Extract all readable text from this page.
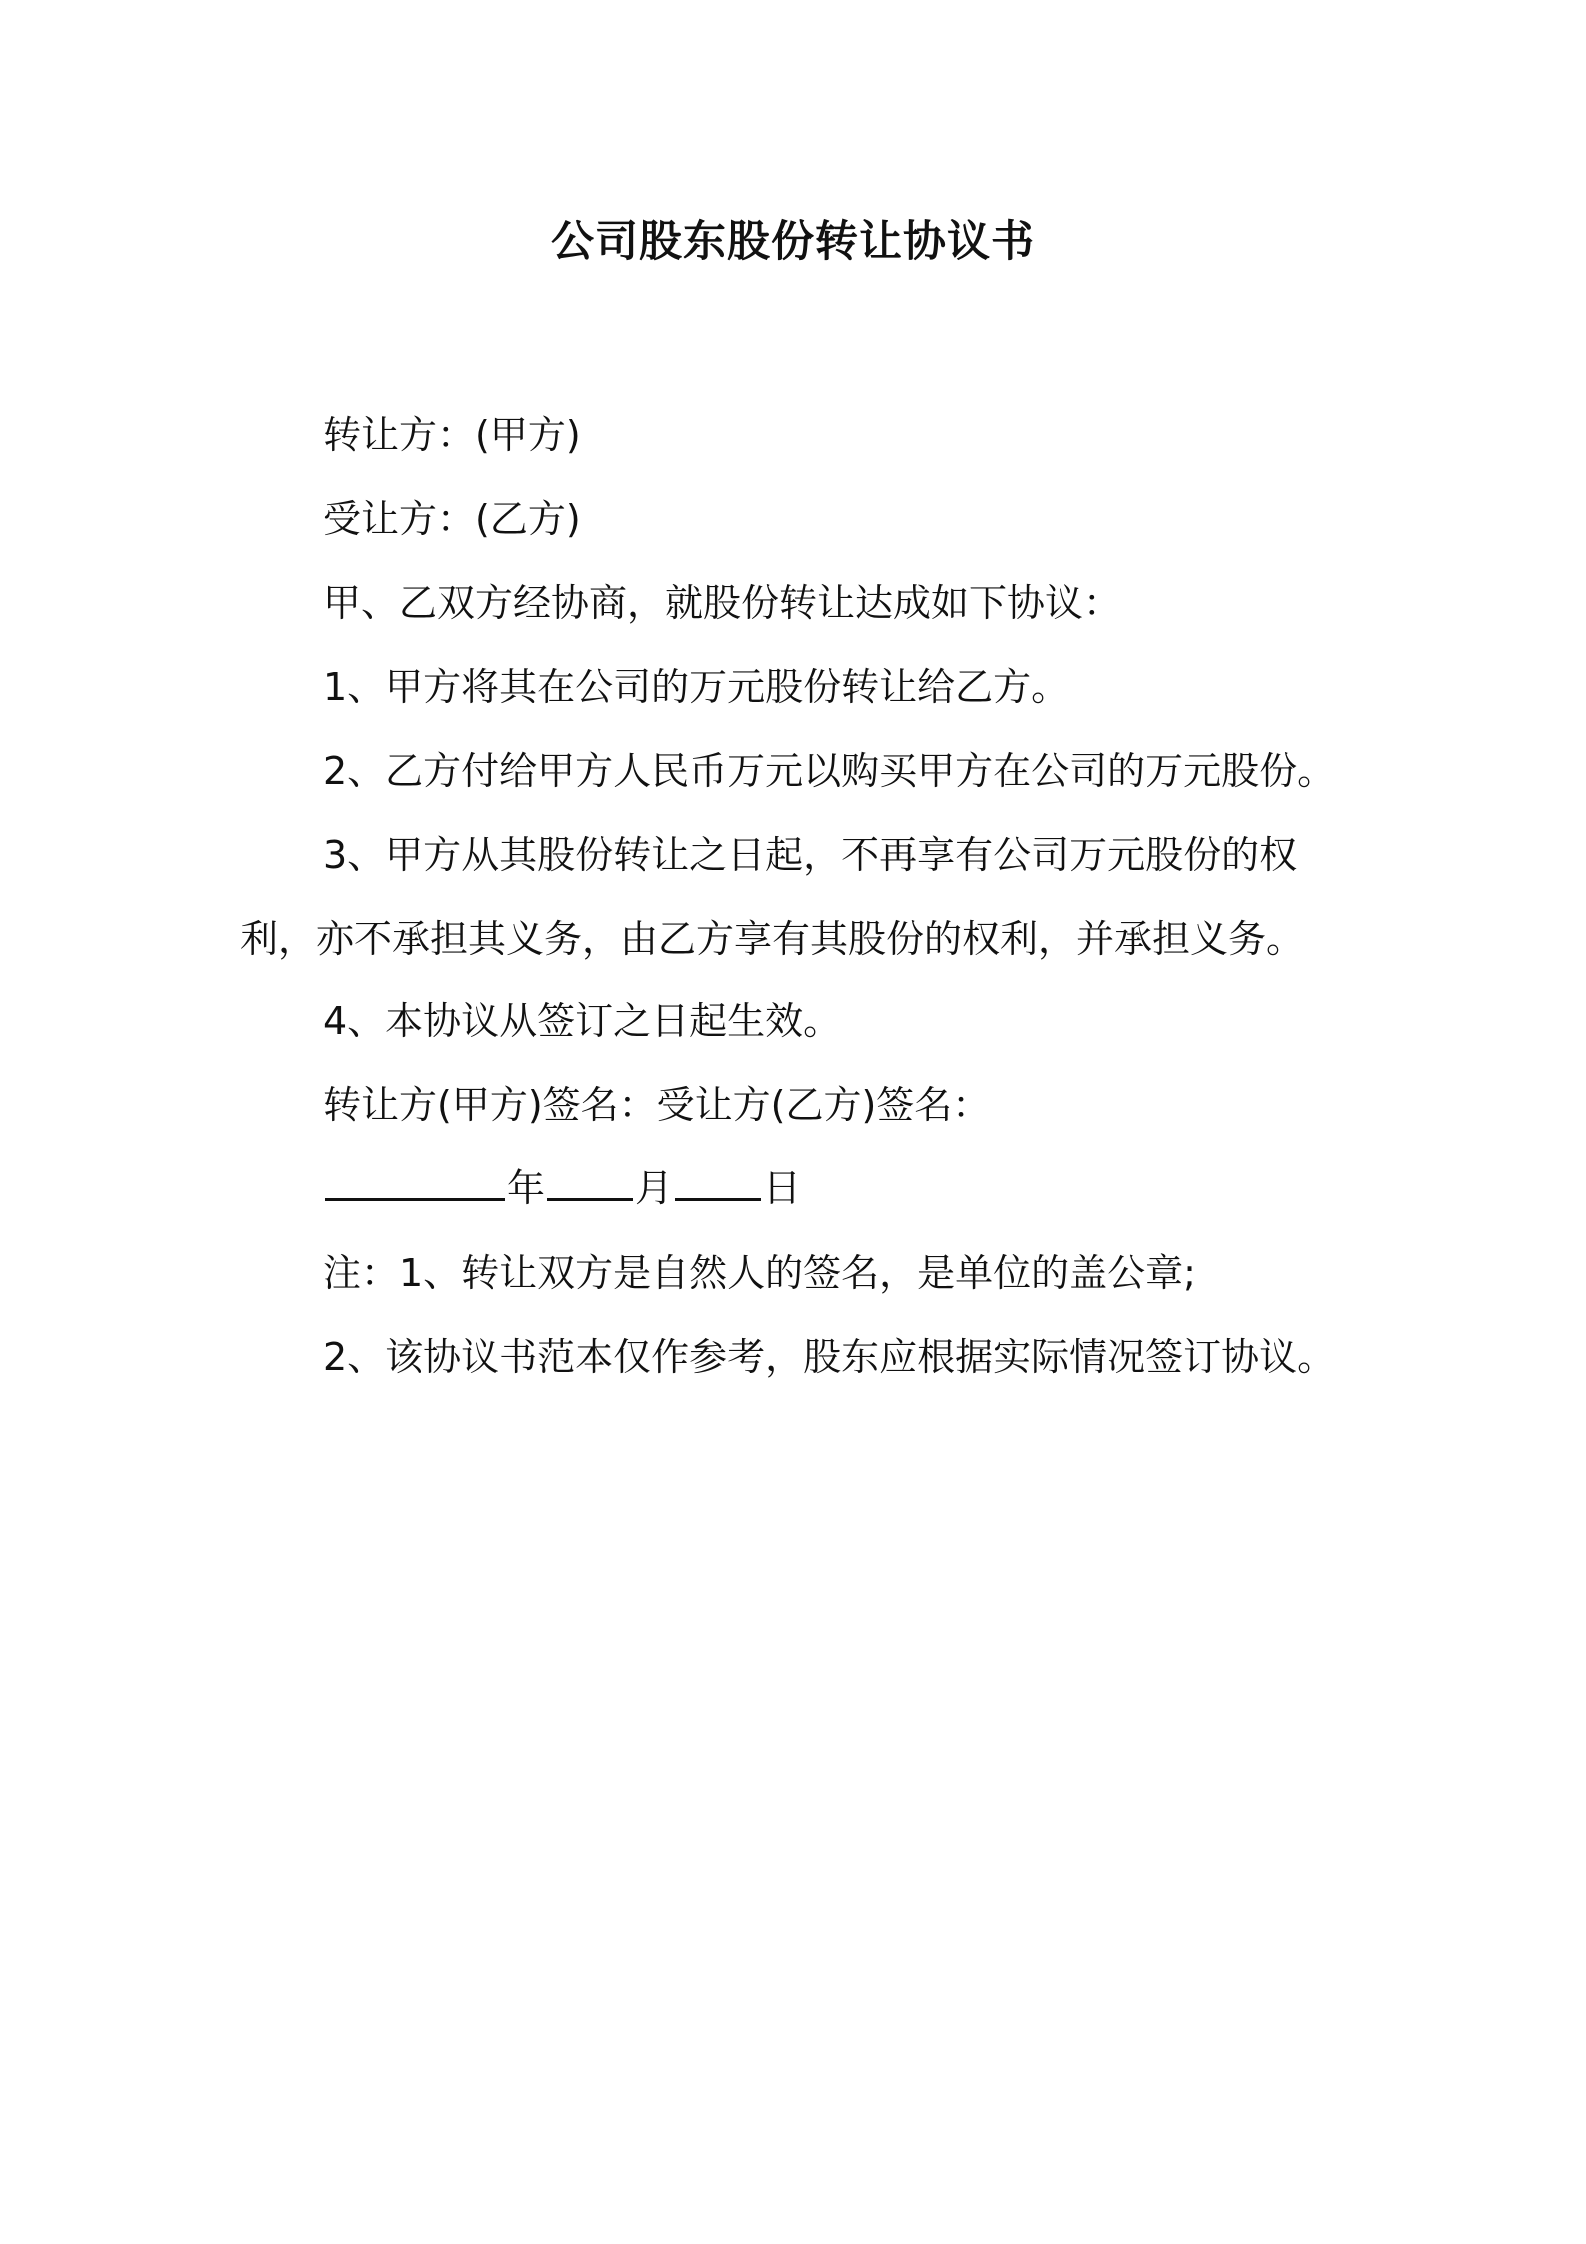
公司股东股份转让协议书

转让方：(甲方)

受让方：(乙方)

甲、乙双方经协商，就股份转让达成如下协议：

1、甲方将其在公司的万元股份转让给乙方。

2、乙方付给甲方人民币万元以购买甲方在公司的万元股份。

3、甲方从其股份转让之日起，不再享有公司万元股份的权

利，亦不承担其义务，由乙方享有其股份的权利，并承担义务。

4、本协议从签订之日起生效。

转让方(甲方)签名：受让方(乙方)签名：

年 月 日

注：1、转让双方是自然人的签名，是单位的盖公章;

2、该协议书范本仅作参考，股东应根据实际情况签订协议。
